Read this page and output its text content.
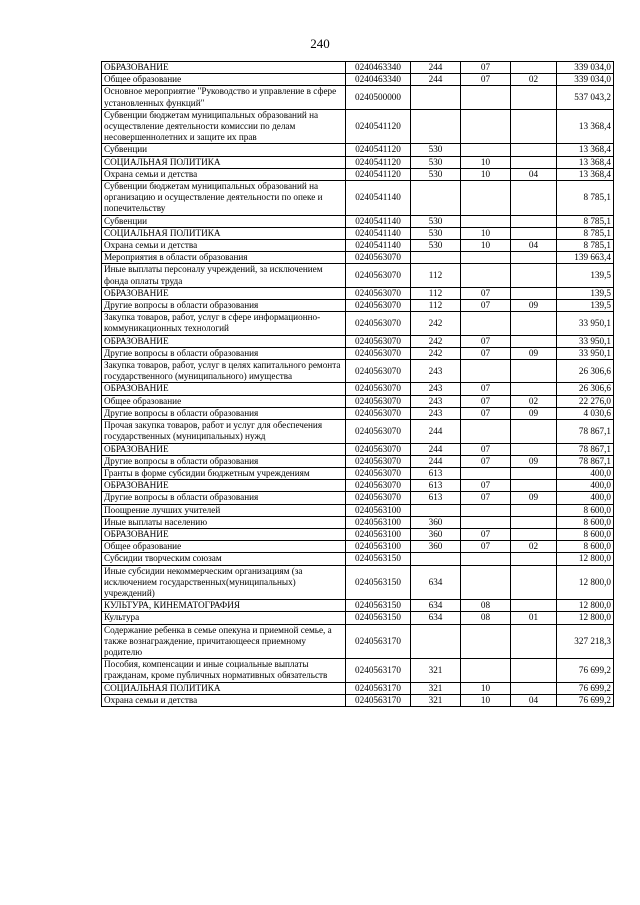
240
ОБРАЗОВАНИЕ	0240463340	244	07		339 034,0
Общее образование	0240463340	244	07	02	339 034,0
Основное мероприятие "Руководство и управление в сфере установленных функций"	0240500000				537 043,2
Субвенции бюджетам муниципальных образований на осуществление деятельности комиссии по делам несовершеннолетних и защите их прав	0240541120				13 368,4
Субвенции	0240541120	530			13 368,4
СОЦИАЛЬНАЯ ПОЛИТИКА	0240541120	530	10		13 368,4
Охрана семьи и детства	0240541120	530	10	04	13 368,4
Субвенции бюджетам муниципальных образований на организацию и осуществление деятельности по опеке и попечительству	0240541140				8 785,1
Субвенции	0240541140	530			8 785,1
СОЦИАЛЬНАЯ ПОЛИТИКА	0240541140	530	10		8 785,1
Охрана семьи и детства	0240541140	530	10	04	8 785,1
Мероприятия в области образования	0240563070				139 663,4
Иные выплаты персоналу учреждений, за исключением фонда оплаты труда	0240563070	112			139,5
ОБРАЗОВАНИЕ	0240563070	112	07		139,5
Другие вопросы в области образования	0240563070	112	07	09	139,5
Закупка товаров, работ, услуг в сфере информационно-коммуникационных технологий	0240563070	242			33 950,1
ОБРАЗОВАНИЕ	0240563070	242	07		33 950,1
Другие вопросы в области образования	0240563070	242	07	09	33 950,1
Закупка товаров, работ, услуг в целях капитального ремонта государственного (муниципального) имущества	0240563070	243			26 306,6
ОБРАЗОВАНИЕ	0240563070	243	07		26 306,6
Общее образование	0240563070	243	07	02	22 276,0
Другие вопросы в области образования	0240563070	243	07	09	4 030,6
Прочая закупка товаров, работ и услуг для обеспечения государственных (муниципальных) нужд	0240563070	244			78 867,1
ОБРАЗОВАНИЕ	0240563070	244	07		78 867,1
Другие вопросы в области образования	0240563070	244	07	09	78 867,1
Гранты в форме субсидии бюджетным учреждениям	0240563070	613			400,0
ОБРАЗОВАНИЕ	0240563070	613	07		400,0
Другие вопросы в области образования	0240563070	613	07	09	400,0
Поощрение лучших учителей	0240563100				8 600,0
Иные выплаты населению	0240563100	360			8 600,0
ОБРАЗОВАНИЕ	0240563100	360	07		8 600,0
Общее образование	0240563100	360	07	02	8 600,0
Субсидии творческим союзам	0240563150				12 800,0
Иные субсидии некоммерческим организациям (за исключением государственных(муниципальных) учреждений)	0240563150	634			12 800,0
КУЛЬТУРА, КИНЕМАТОГРАФИЯ	0240563150	634	08		12 800,0
Культура	0240563150	634	08	01	12 800,0
Содержание ребенка в семье опекуна и приемной семье, а также вознаграждение, причитающееся приемному родителю	0240563170				327 218,3
Пособия, компенсации и иные социальные выплаты гражданам, кроме публичных нормативных обязательств	0240563170	321			76 699,2
СОЦИАЛЬНАЯ ПОЛИТИКА	0240563170	321	10		76 699,2
Охрана семьи и детства	0240563170	321	10	04	76 699,2
